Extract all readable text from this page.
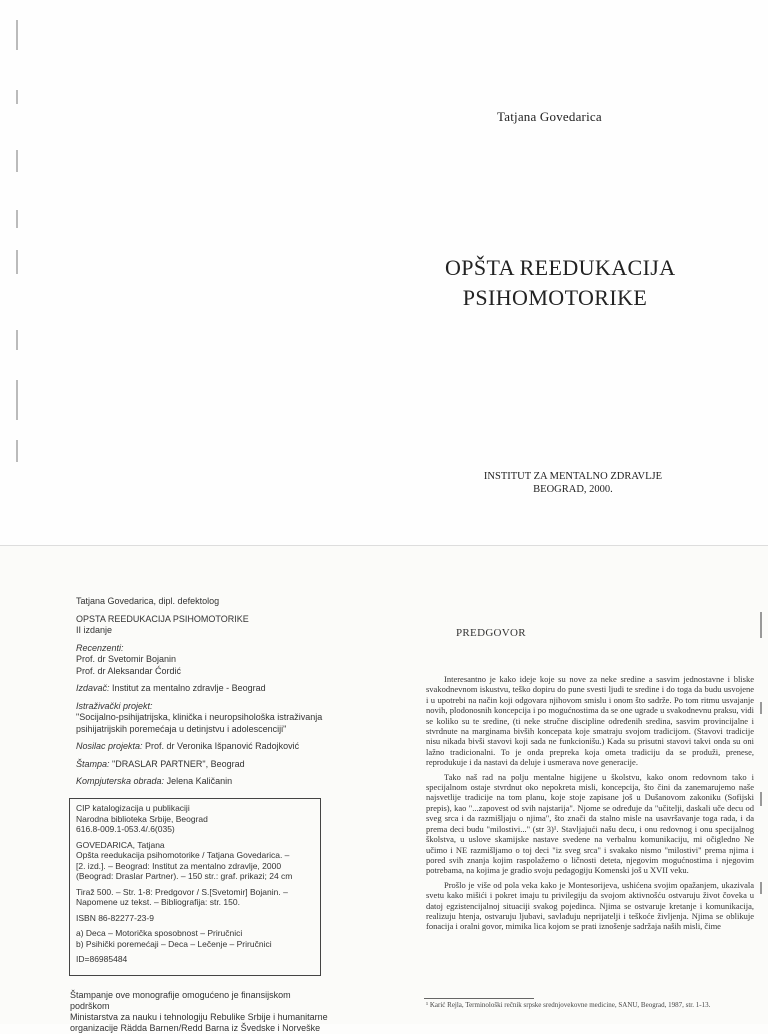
Tatjana Govedarica
OPŠTA REEDUKACIJA
PSIHOMOTORIKE
INSTITUT ZA MENTALNO ZDRAVLJE
BEOGRAD, 2000.

Tatjana Govedarica, dipl. defektolog

OPSTA REEDUKACIJA PSIHOMOTORIKE

II izdanje

Recenzenti:

Prof. dr Svetomir Bojanin

Prof. dr Aleksandar Ćordić

Izdavač: Institut za mentalno zdravlje - Beograd

Istraživački projekt:

"Socijalno-psihijatrijska, klinička i neuropsihološka istraživanja

psihijatrijskih poremećaja u detinjstvu i adolescenciji"

Nosilac projekta: Prof. dr Veronika Išpanović Radojković

Štampa: "DRASLAR PARTNER", Beograd

Kompjuterska obrada: Jelena Kaličanin

CIP katalogizacija u publikaciji
Narodna biblioteka Srbije, Beograd
616.8-009.1-053.4/.6(035)
GOVEDARICA, Tatjana
Opšta reedukacija psihomotorike / Tatjana Govedarica. –
[2. izd.]. – Beograd: Institut za mentalno zdravlje, 2000
(Beograd: Draslar Partner). – 150 str.: graf. prikazi; 24 cm
Tiraž 500. – Str. 1-8: Predgovor / S.[Svetomir] Bojanin. –
Napomene uz tekst. – Bibliografija: str. 150.
ISBN 86-82277-23-9
a) Deca – Motorička sposobnost – Priručnici
b) Psihički poremećaji – Deca – Lečenje – Priručnici
ID=86985484
Štampanje ove monografije omogućeno je finansijskom podrškom
Ministarstva za nauku i tehnologiju Rebulike Srbije i humanitarne
organizacije Rädda Barnen/Redd Barna iz Švedske i Norveške
PREDGOVOR

Interesantno je kako ideje koje su nove za neke sredine a sasvim jednostavne i bliske svakodnevnom iskustvu, teško dopiru do pune svesti ljudi te sredine i do toga da budu usvojene i u upotrebi na način koji odgovara njihovom smislu i onom što sadrže. Po tom ritmu usvajanje novih, plodonosnih koncepcija i po mogućnostima da se one ugrade u svakodnevnu praksu, vidi se koliko su te sredine, (ti neke stručne discipline određenih sredina, sasvim provincijalne i stvrdnute na marginama bivših koncepata koje smatraju svojom tradicijom. (Stavovi tradicije nisu nikada bivši stavovi koji sada ne funkcionišu.) Kada su prisutni stavovi takvi onda su oni lažno tradicionalni. To je onda prepreka koja ometa tradiciju da se produži, prenese, reprodukuje i da nastavi da deluje i usmerava nove generacije.

Tako naš rad na polju mentalne higijene u školstvu, kako onom redovnom tako i specijalnom ostaje stvrdnut oko nepokreta misli, koncepcija, što čini da zanemarujemo naše najsvetlije tradicije na tom planu, koje stoje zapisane još u Dušanovom zakoniku (Sofijski prepis), kao "...zapovest od svih najstarija". Njome se određuje da "učitelji, daskali uče decu od sveg srca i da razmišljaju o njima", što znači da stalno misle na usavršavanje toga rada, i da prema deci budu "milostivi..." (str 3)¹. Stavljajući našu decu, i onu redovnog i onu specijalnog školstva, u uslove skamijske nastave svedene na verbalnu komunikaciju, mi očigledno Ne učimo i NE razmišljamo o toj deci "iz sveg srca" i svakako nismo "milostivi" prema njima i pored svih znanja kojim raspolažemo o ličnosti deteta, njegovim mogućnostima i njegovim potrebama, na kojima je gradio svoju pedagogiju Komenski još u XVII veku.

Prošlo je više od pola veka kako je Montesorijeva, ushićena svojim opažanjem, ukazivala svetu kako mišići i pokret imaju tu privilegiju da svojom aktivnošću ostvaruju život čoveka u datoj egzistencijalnoj situaciji svakog pojedinca. Njima se ostvaruje kretanje i komunikacija, realizuju htenja, ostvaruju ljubavi, savlađuju neprijatelji i teškoće življenja. Njima se oblikuje fonacija i oralni govor, mimika lica kojom se prati iznošenje sadržaja naših misli, čime

¹ Karić Rejla, Terminološki rečnik srpske srednjovekovne medicine, SANU, Beograd, 1987, str. 1-13.
